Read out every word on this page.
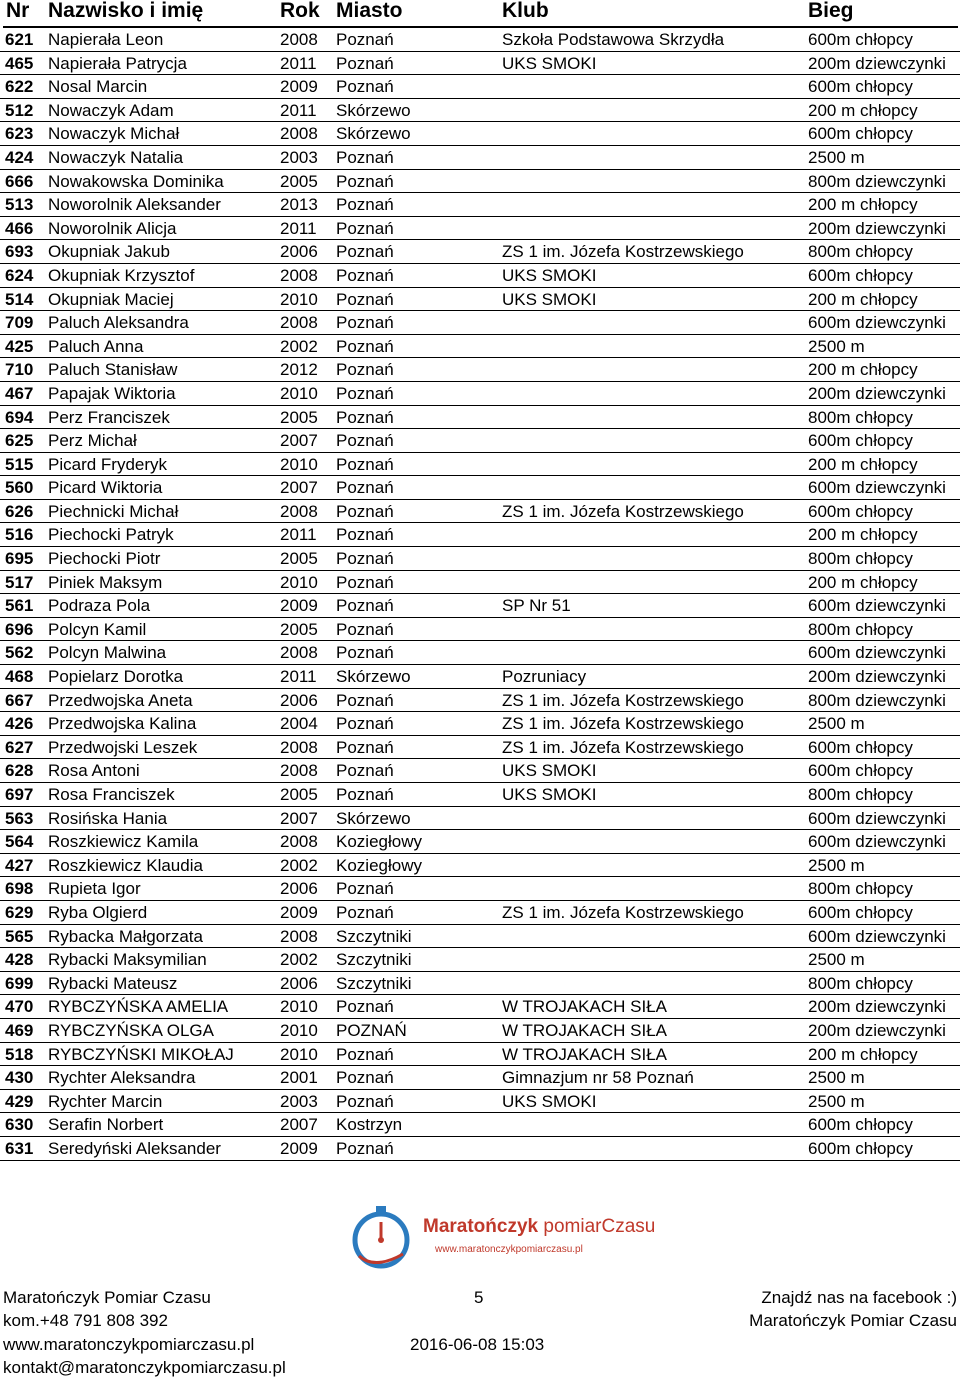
Nr Nazwisko i imię	Rok Miasto	Klub	Bieg
621 Napierała Leon	2008 Poznań	Szkoła Podstawowa Skrzydła	600m chłopcy
465 Napierała Patrycja	2011 Poznań	UKS SMOKI	200m dziewczynki
622 Nosal Marcin	2009 Poznań	600m chłopcy
512 Nowaczyk Adam	2011 Skórzewo	200 m chłopcy
623 Nowaczyk Michał	2008 Skórzewo	600m chłopcy
424 Nowaczyk Natalia	2003 Poznań	2500 m
666 Nowakowska Dominika	2005 Poznań	800m dziewczynki
513 Noworolnik Aleksander	2013 Poznań	200 m chłopcy
466 Noworolnik Alicja	2011 Poznań	200m dziewczynki
693 Okupniak Jakub	2006 Poznań	ZS 1 im. Józefa Kostrzewskiego	800m chłopcy
624 Okupniak Krzysztof	2008 Poznań	UKS SMOKI	600m chłopcy
514 Okupniak Maciej	2010 Poznań	UKS SMOKI	200 m chłopcy
709 Paluch Aleksandra	2008 Poznań	600m dziewczynki
425 Paluch Anna	2002 Poznań	2500 m
710 Paluch Stanisław	2012 Poznań	200 m chłopcy
467 Papajak Wiktoria	2010 Poznań	200m dziewczynki
694 Perz Franciszek	2005 Poznań	800m chłopcy
625 Perz Michał	2007 Poznań	600m chłopcy
515 Picard Fryderyk	2010 Poznań	200 m chłopcy
560 Picard Wiktoria	2007 Poznań	600m dziewczynki
626 Piechnicki Michał	2008 Poznań	ZS 1 im. Józefa Kostrzewskiego	600m chłopcy
516 Piechocki Patryk	2011 Poznań	200 m chłopcy
695 Piechocki Piotr	2005 Poznań	800m chłopcy
517 Piniek Maksym	2010 Poznań	200 m chłopcy
561 Podraza Pola	2009 Poznań	SP Nr 51	600m dziewczynki
696 Polcyn Kamil	2005 Poznań	800m chłopcy
562 Polcyn Malwina	2008 Poznań	600m dziewczynki
468 Popielarz Dorotka	2011 Skórzewo	Pozruniacy	200m dziewczynki
667 Przedwojska Aneta	2006 Poznań	ZS 1 im. Józefa Kostrzewskiego	800m dziewczynki
426 Przedwojska Kalina	2004 Poznań	ZS 1 im. Józefa Kostrzewskiego	2500 m
627 Przedwojski Leszek	2008 Poznań	ZS 1 im. Józefa Kostrzewskiego	600m chłopcy
628 Rosa Antoni	2008 Poznań	UKS SMOKI	600m chłopcy
697 Rosa Franciszek	2005 Poznań	UKS SMOKI	800m chłopcy
563 Rosińska Hania	2007 Skórzewo	600m dziewczynki
564 Roszkiewicz Kamila	2008 Koziegłowy	600m dziewczynki
427 Roszkiewicz Klaudia	2002 Koziegłowy	2500 m
698 Rupieta Igor	2006 Poznań	800m chłopcy
629 Ryba Olgierd	2009 Poznań	ZS 1 im. Józefa Kostrzewskiego	600m chłopcy
565 Rybacka Małgorzata	2008 Szczytniki	600m dziewczynki
428 Rybacki Maksymilian	2002 Szczytniki	2500 m
699 Rybacki Mateusz	2006 Szczytniki	800m chłopcy
470 RYBCZYŃSKA AMELIA	2010 Poznań	W TROJAKACH SIŁA	200m dziewczynki
469 RYBCZYŃSKA OLGA	2010 POZNAŃ	W TROJAKACH SIŁA	200m dziewczynki
518 RYBCZYŃSKI MIKOŁAJ	2010 Poznań	W TROJAKACH SIŁA	200 m chłopcy
430 Rychter Aleksandra	2001 Poznań	Gimnazjum nr 58 Poznań	2500 m
429 Rychter Marcin	2003 Poznań	UKS SMOKI	2500 m
630 Serafin Norbert	2007 Kostrzyn	600m chłopcy
631 Seredyński Aleksander	2009 Poznań	600m chłopcy
Maratończyk pomiarCzasu
www.maratonczykpomiarczasu.pl
Maratończyk Pomiar Czasu	5	Znajdź nas na facebook :)
kom.+48 791 808 392	Maratończyk Pomiar Czasu
www.maratonczykpomiarczasu.pl	2016-06-08 15:03
kontakt@maratonczykpomiarczasu.pl
